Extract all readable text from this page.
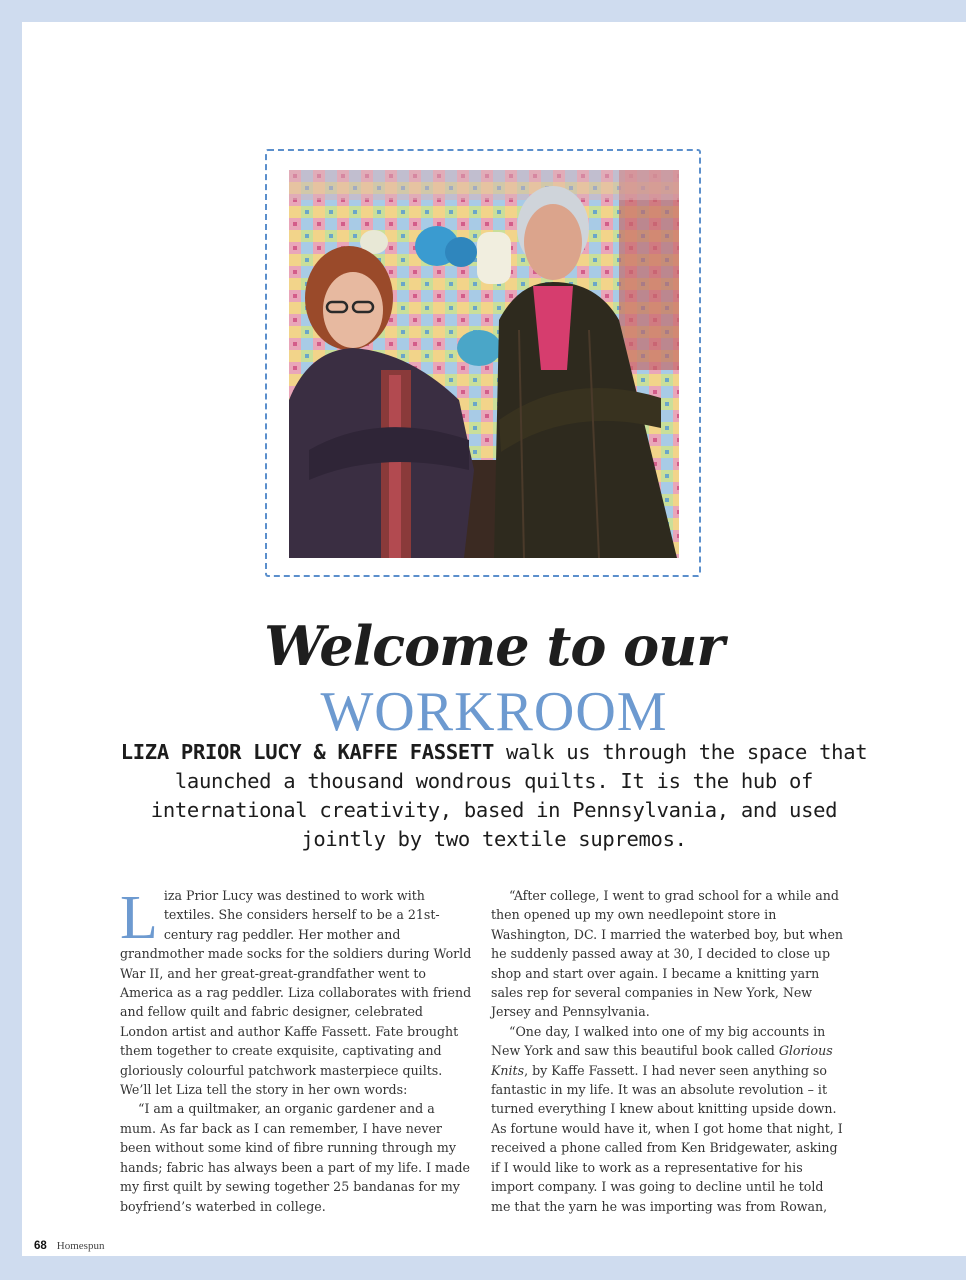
Welcome to our
WORKROOM

LIZA PRIOR LUCY & KAFFE FASSETT walk us through the space that launched a thousand wondrous quilts. It is the hub of international creativity, based in Pennsylvania, and used jointly by two textile supremos.

Liza Prior Lucy was destined to work with textiles. She considers herself to be a 21st-century rag peddler. Her mother and grandmother made socks for the soldiers during World War II, and her great-great-grandfather went to America as a rag peddler. Liza collaborates with friend and fellow quilt and fabric designer, celebrated London artist and author Kaffe Fassett. Fate brought them together to create exquisite, captivating and gloriously colourful patchwork masterpiece quilts. We’ll let Liza tell the story in her own words:

“I am a quiltmaker, an organic gardener and a mum. As far back as I can remember, I have never been without some kind of fibre running through my hands; fabric has always been a part of my life. I made my first quilt by sewing together 25 bandanas for my boyfriend’s waterbed in college.

“After college, I went to grad school for a while and then opened up my own needlepoint store in Washington, DC. I married the waterbed boy, but when he suddenly passed away at 30, I decided to close up shop and start over again. I became a knitting yarn sales rep for several companies in New York, New Jersey and Pennsylvania.

“One day, I walked into one of my big accounts in New York and saw this beautiful book called Glorious Knits, by Kaffe Fassett. I had never seen anything so fantastic in my life. It was an absolute revolution – it turned everything I knew about knitting upside down. As fortune would have it, when I got home that night, I received a phone called from Ken Bridgewater, asking if I would like to work as a representative for his import company. I was going to decline until he told me that the yarn he was importing was from Rowan,

68 Homespun
